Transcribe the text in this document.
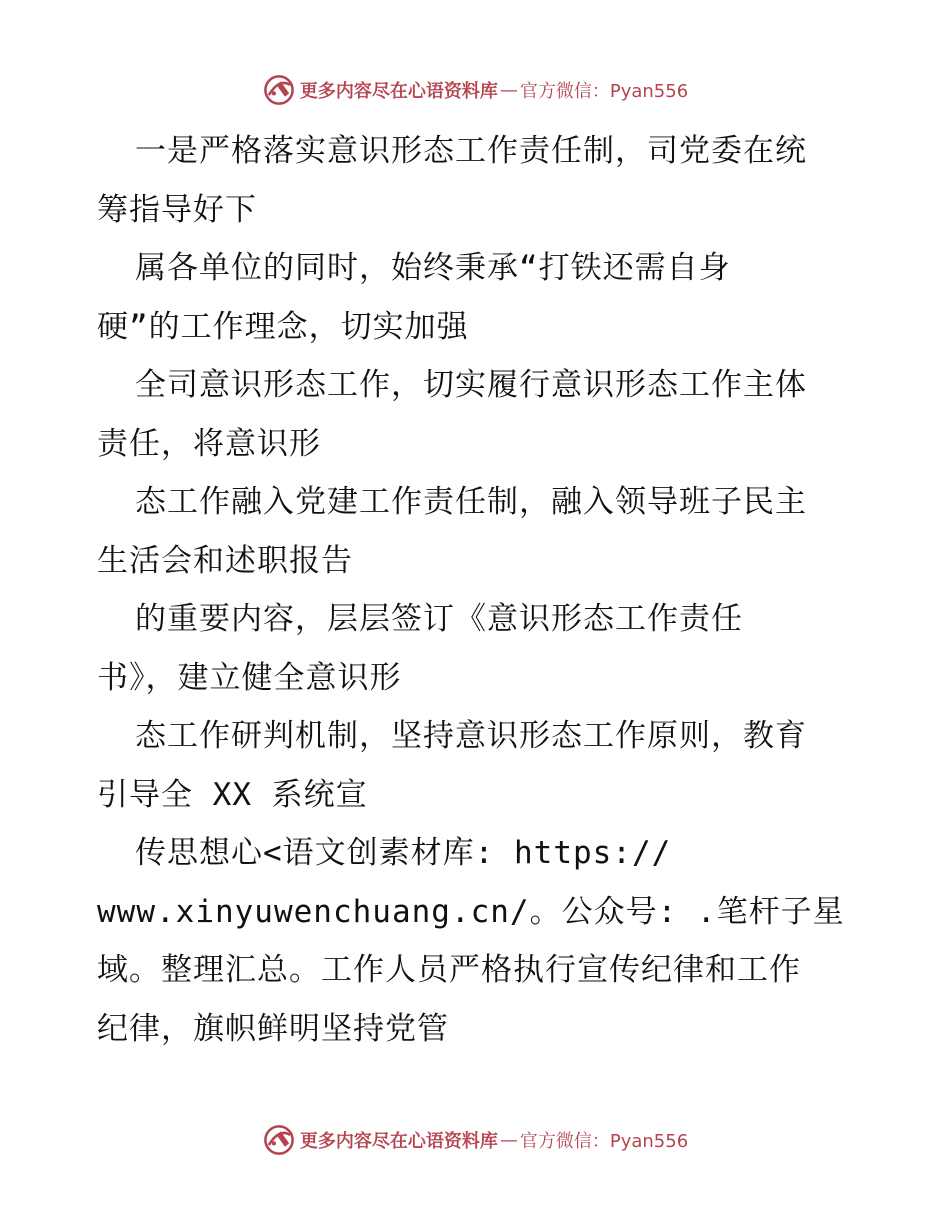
更多内容尽在心语资料库 — 官方微信：Pyan556
一是严格落实意识形态工作责任制，司党委在统
筹指导好下
属各单位的同时，始终秉承“打铁还需自身
硬”的工作理念，切实加强
全司意识形态工作，切实履行意识形态工作主体
责任，将意识形
态工作融入党建工作责任制，融入领导班子民主
生活会和述职报告
的重要内容，层层签订《意识形态工作责任
书》，建立健全意识形
态工作研判机制，坚持意识形态工作原则，教育
引导全 XX 系统宣
传思想心<语文创素材库: https://
www.xinyuwenchuang.cn/。公众号: .笔杆子星
域。整理汇总。工作人员严格执行宣传纪律和工作
纪律，旗帜鲜明坚持党管
更多内容尽在心语资料库 — 官方微信：Pyan556
